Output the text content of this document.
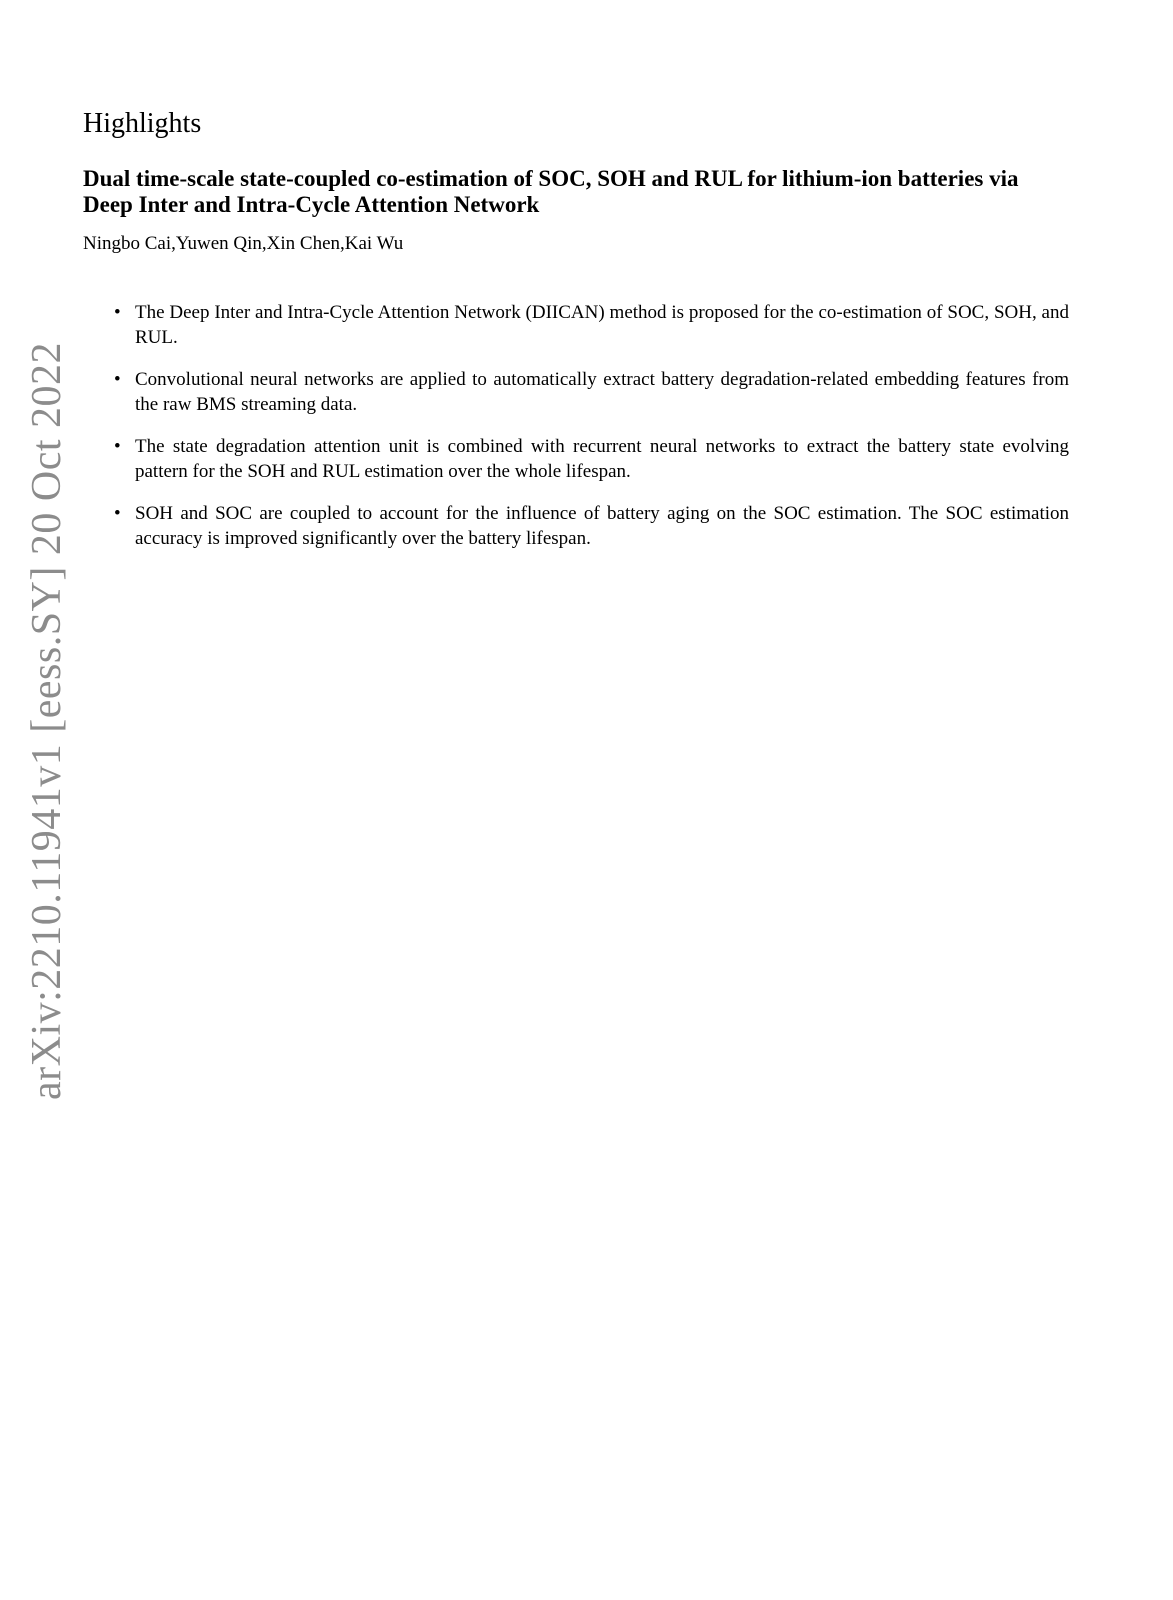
arXiv:2210.11941v1 [eess.SY] 20 Oct 2022
Highlights
Dual time-scale state-coupled co-estimation of SOC, SOH and RUL for lithium-ion batteries via Deep Inter and Intra-Cycle Attention Network
Ningbo Cai,Yuwen Qin,Xin Chen,Kai Wu
• The Deep Inter and Intra-Cycle Attention Network (DIICAN) method is proposed for the co-estimation of SOC, SOH, and RUL.
• Convolutional neural networks are applied to automatically extract battery degradation-related embedding features from the raw BMS streaming data.
• The state degradation attention unit is combined with recurrent neural networks to extract the battery state evolving pattern for the SOH and RUL estimation over the whole lifespan.
• SOH and SOC are coupled to account for the influence of battery aging on the SOC estimation. The SOC estimation accuracy is improved significantly over the battery lifespan.
